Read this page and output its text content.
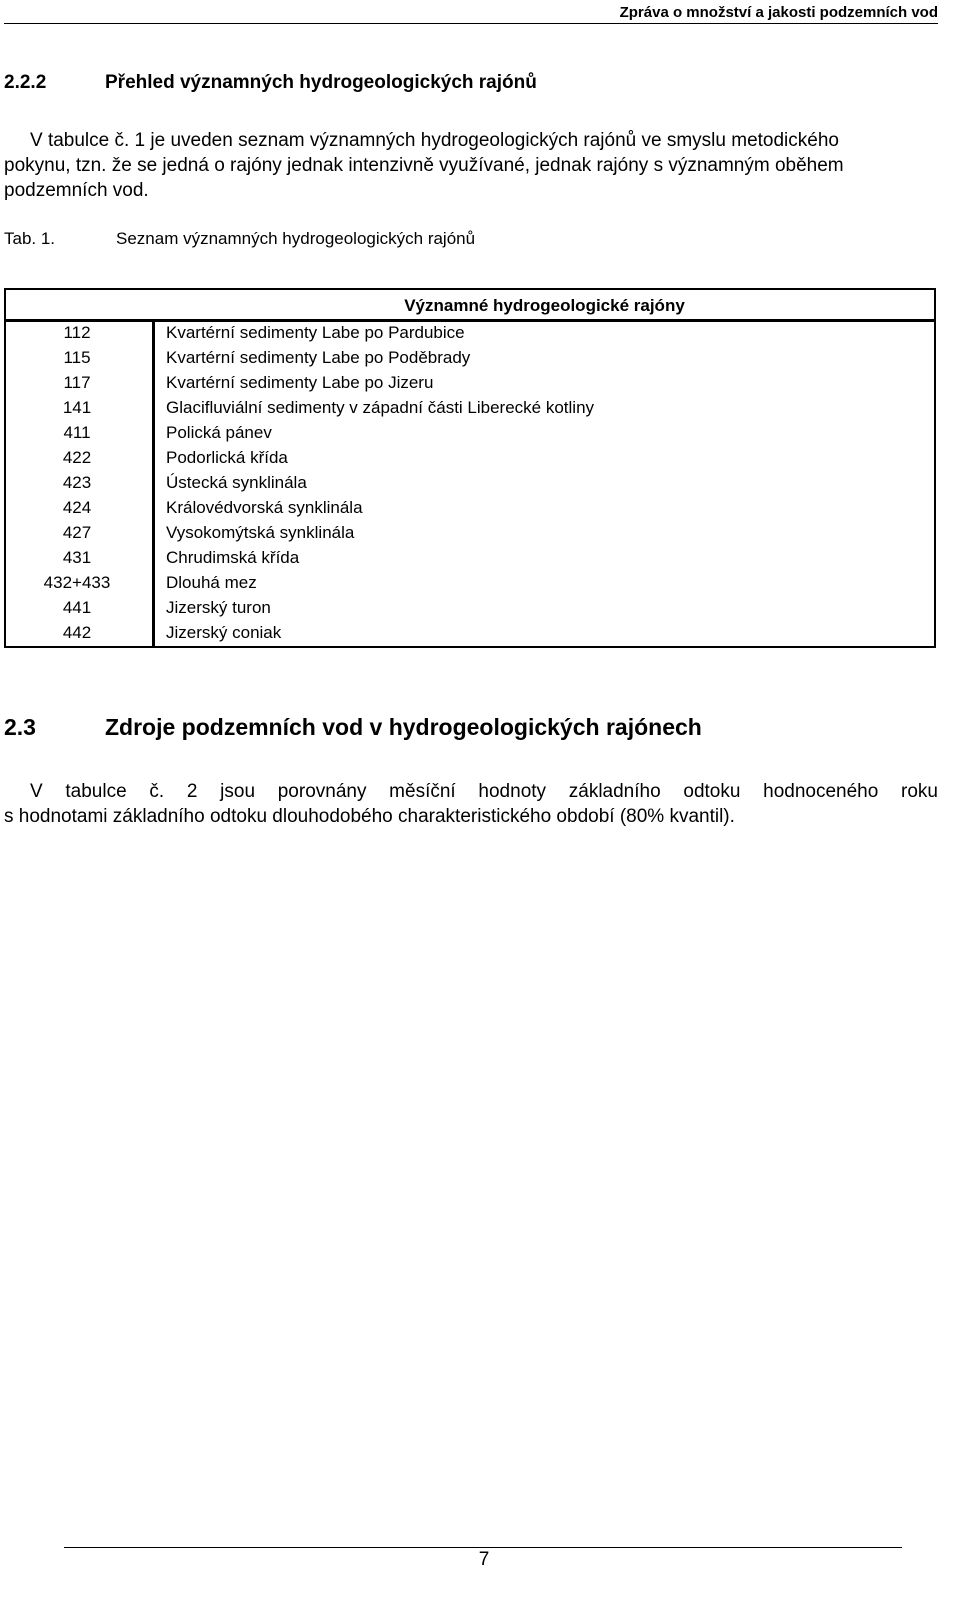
Zpráva o množství a jakosti podzemních vod
2.2.2	Přehled významných hydrogeologických rajónů
V tabulce č. 1 je uveden seznam významných hydrogeologických rajónů ve smyslu metodického
pokynu, tzn. že se jedná o rajóny jednak intenzivně využívané, jednak rajóny s významným oběhem
podzemních vod.
Tab. 1.	Seznam významných hydrogeologických rajónů
Významné hydrogeologické rajóny
112	Kvartérní sedimenty Labe po Pardubice
115	Kvartérní sedimenty Labe po Poděbrady
117	Kvartérní sedimenty Labe po Jizeru
141	Glacifluviální sedimenty v západní části Liberecké kotliny
411	Polická pánev
422	Podorlická křída
423	Ústecká synklinála
424	Královédvorská synklinála
427	Vysokomýtská synklinála
431	Chrudimská křída
432+433	Dlouhá mez
441	Jizerský turon
442	Jizerský coniak
2.3	Zdroje podzemních vod v hydrogeologických rajónech
V tabulce č. 2 jsou porovnány měsíční hodnoty základního odtoku hodnoceného roku
s hodnotami základního odtoku dlouhodobého charakteristického období (80% kvantil).
7
